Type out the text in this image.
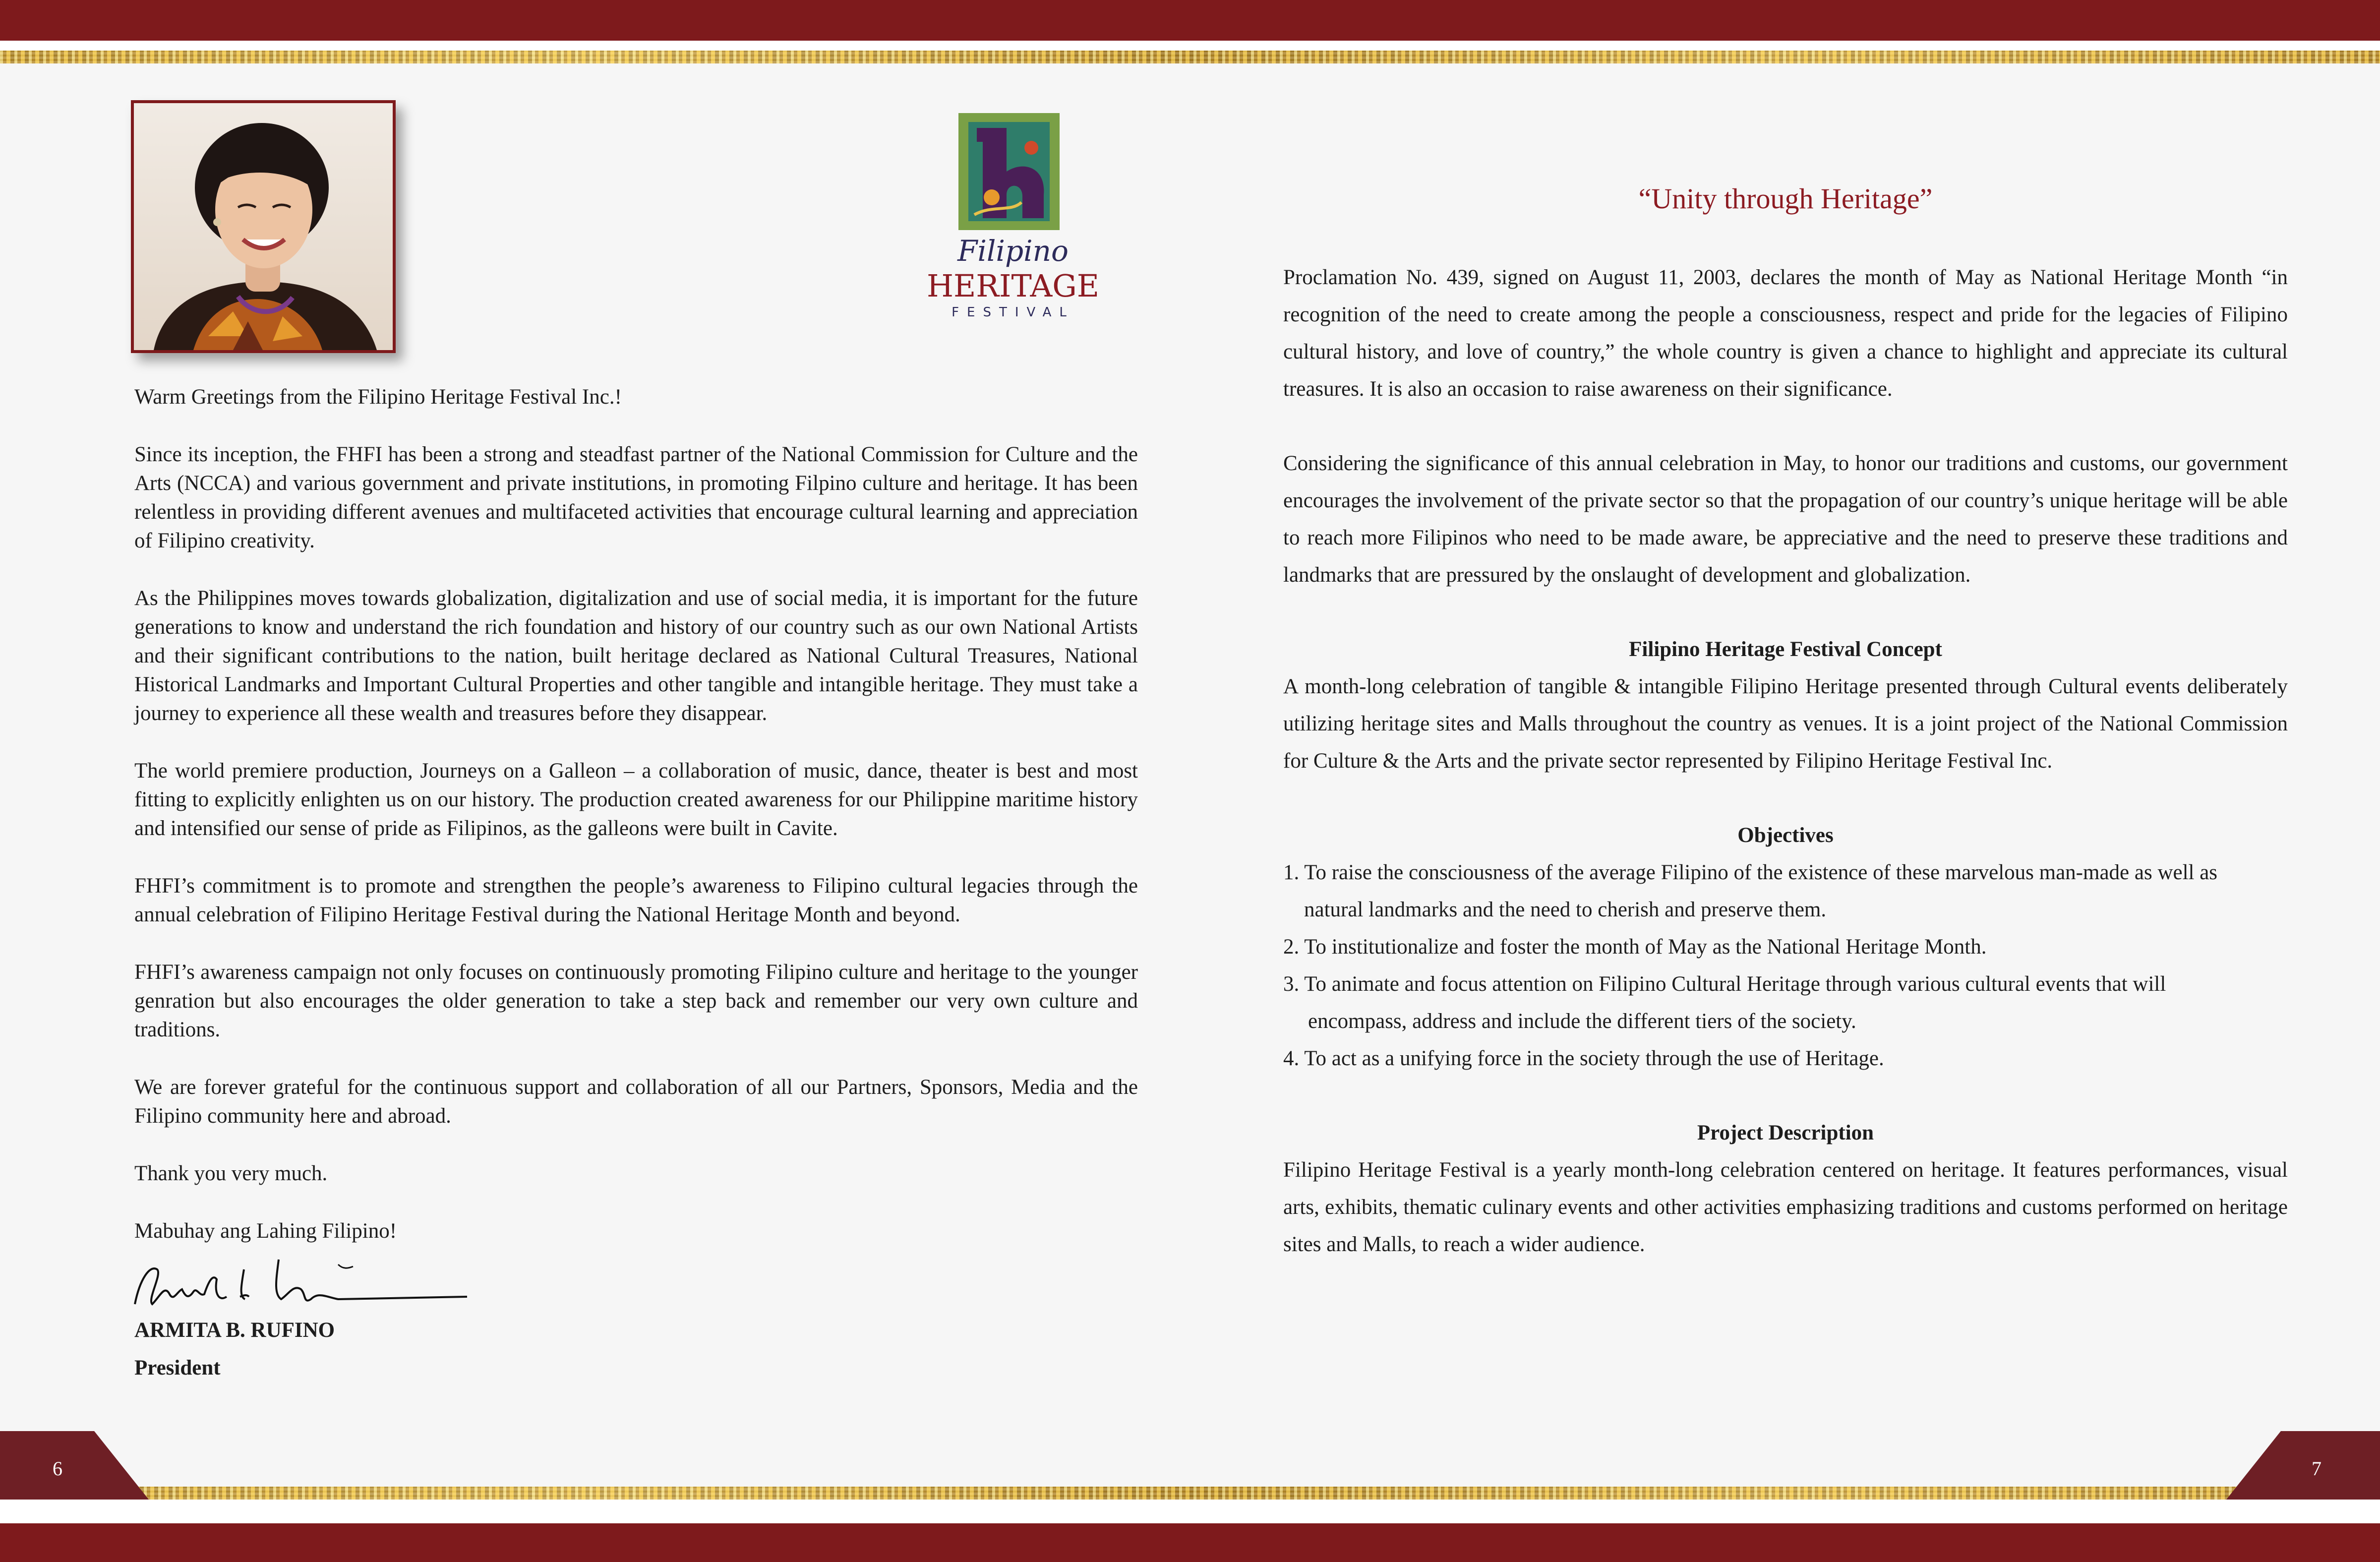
6	7
Filipino
HERITAGE
FESTIVAL

Warm Greetings from the Filipino Heritage Festival Inc.!

Since its inception, the FHFI has been a strong and steadfast partner of the National Commission for Culture and the Arts (NCCA) and various government and private institutions, in promoting Filpino culture and heritage. It has been relentless in providing different avenues and multifaceted activities that encourage cultural learning and appreciation of Filipino creativity.

As the Philippines moves towards globalization, digitalization and use of social media, it is important for the future generations to know and understand the rich foundation and history of our country such as our own National Artists and their significant contributions to the nation, built heritage declared as National Cultural Treasures, National Historical Landmarks and Important Cultural Properties and other tangible and intangible heritage. They must take a journey to experience all these wealth and treasures before they disappear.

The world premiere production, Journeys on a Galleon – a collaboration of music, dance, theater is best and most fitting to explicitly enlighten us on our history. The production created awareness for our Philippine maritime history and intensified our sense of pride as Filipinos, as the galleons were built in Cavite.

FHFI’s commitment is to promote and strengthen the people’s awareness to Filipino cultural legacies through the annual celebration of Filipino Heritage Festival during the National Heritage Month and beyond.

FHFI’s awareness campaign not only focuses on continuously promoting Filipino culture and heritage to the younger genration but also encourages the older generation to take a step back and remember our very own culture and traditions.

We are forever grateful for the continuous support and collaboration of all our Partners, Sponsors, Media and the Filipino community here and abroad.

Thank you very much.

Mabuhay ang Lahing Filipino!

ARMITA B. RUFINO
President
“Unity through Heritage”

Proclamation No. 439, signed on August 11, 2003, declares the month of May as National Heritage Month “in recognition of the need to create among the people a consciousness, respect and pride for the legacies of Filipino cultural history, and love of country,” the whole country is given a chance to highlight and appreciate its cultural treasures. It is also an occasion to raise awareness on their significance.

Considering the significance of this annual celebration in May, to honor our traditions and customs, our government encourages the involvement of the private sector so that the propagation of our country’s unique heritage will be able to reach more Filipinos who need to be made aware, be appreciative and the need to preserve these traditions and landmarks that are pressured by the onslaught of development and globalization.

Filipino Heritage Festival Concept

A month-long celebration of tangible & intangible Filipino Heritage presented through Cultural events deliberately utilizing heritage sites and Malls throughout the country as venues. It is a joint project of the National Commission for Culture & the Arts and the private sector represented by Filipino Heritage Festival Inc.

Objectives

1. To raise the consciousness of the average Filipino of the existence of these marvelous man-made as well as

natural landmarks and the need to cherish and preserve them.

2. To institutionalize and foster the month of May as the National Heritage Month.

3. To animate and focus attention on Filipino Cultural Heritage through various cultural events that will

encompass, address and include the different tiers of the society.

4. To act as a unifying force in the society through the use of Heritage.

Project Description

Filipino Heritage Festival is a yearly month-long celebration centered on heritage. It features performances, visual arts, exhibits, thematic culinary events and other activities emphasizing traditions and customs performed on heritage sites and Malls, to reach a wider audience.
